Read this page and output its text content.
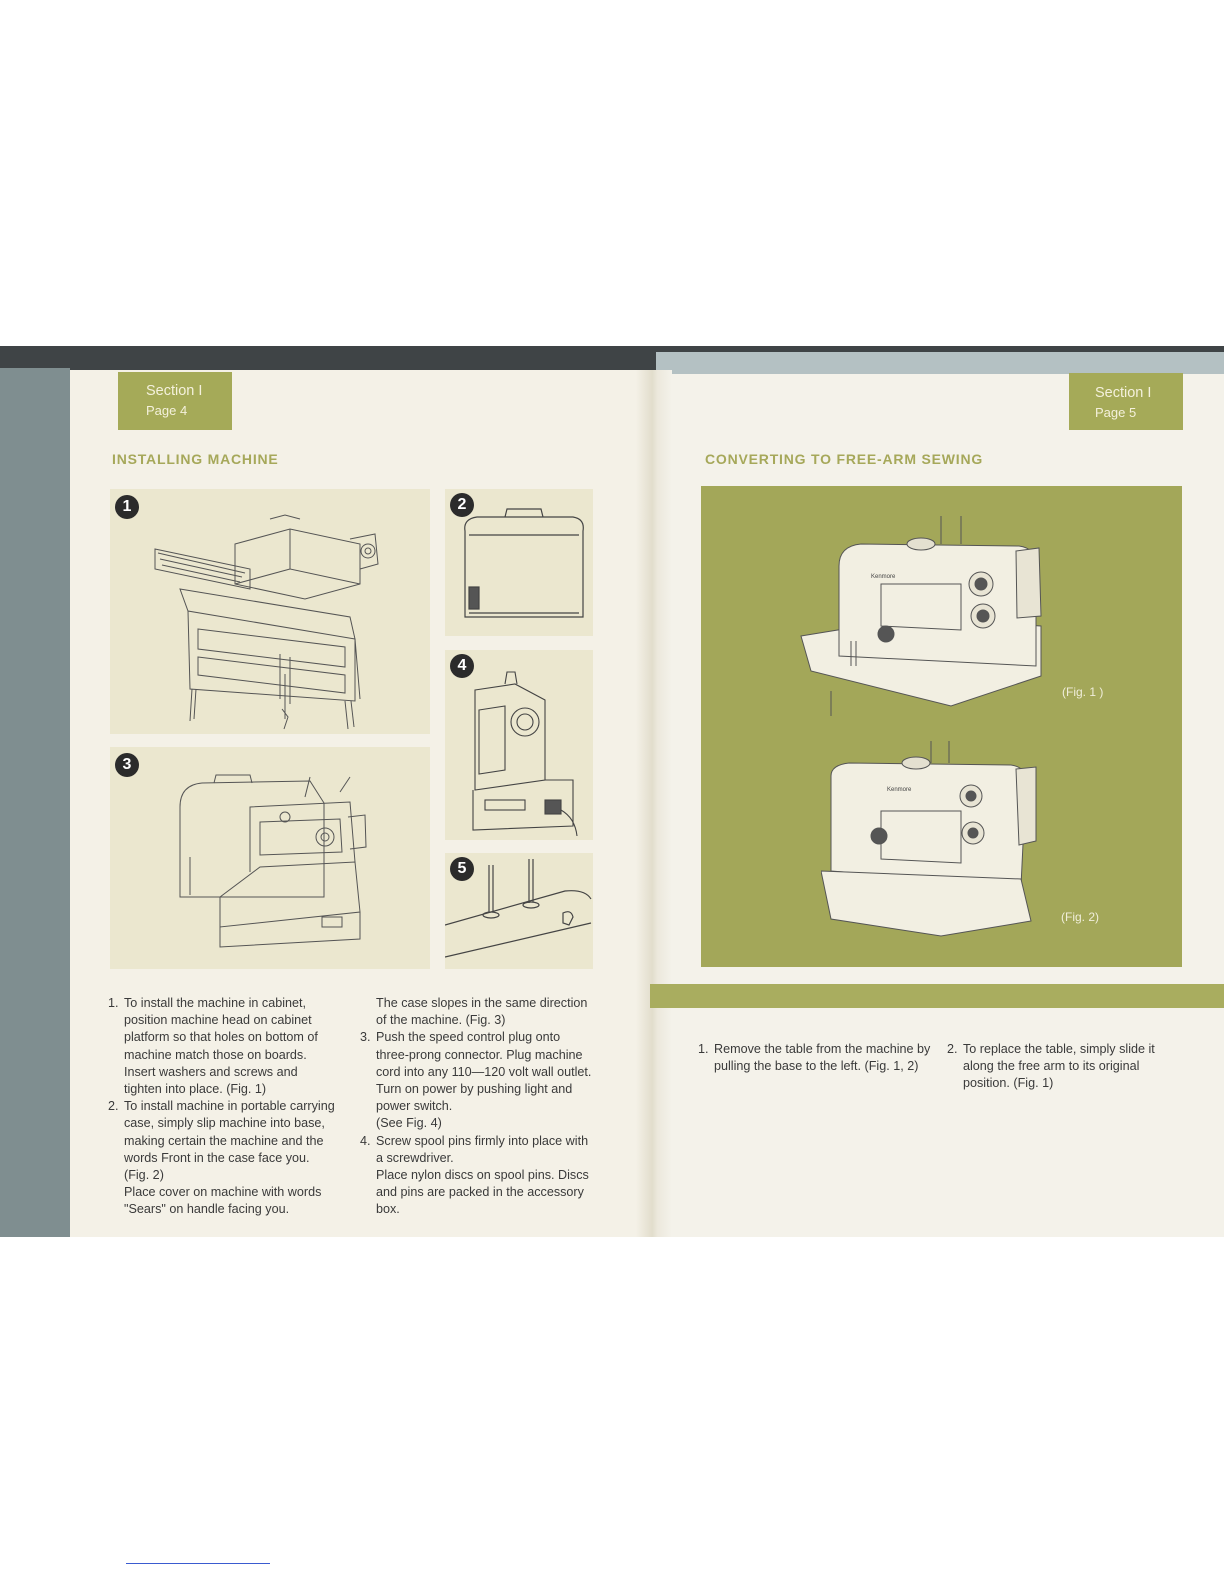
Section I
Page 4
INSTALLING MACHINE
1	2
3
4
5
1. To install the machine in cabinet, position machine head on cabinet platform so that holes on bottom of machine match those on boards. Insert washers and screws and tighten into place. (Fig. 1)

2. To install machine in portable carrying case, simply slip machine into base, making certain the machine and the words Front in the case face you. (Fig. 2)

Place cover on machine with words "Sears" on handle facing you.

The case slopes in the same direction of the machine. (Fig. 3)

3. Push the speed control plug onto three-prong connector. Plug machine cord into any 110—120 volt wall outlet. Turn on power by pushing light and power switch.

(See Fig. 4)

4. Screw spool pins firmly into place with a screwdriver.

Place nylon discs on spool pins. Discs and pins are packed in the accessory box.

Section I
Page 5
CONVERTING TO FREE-ARM SEWING
Kenmore
(Fig. 1 )
Kenmore
(Fig. 2)
1. Remove the table from the machine by pulling the base to the left. (Fig. 1, 2)

2. To replace the table, simply slide it along the free arm to its original position. (Fig. 1)
